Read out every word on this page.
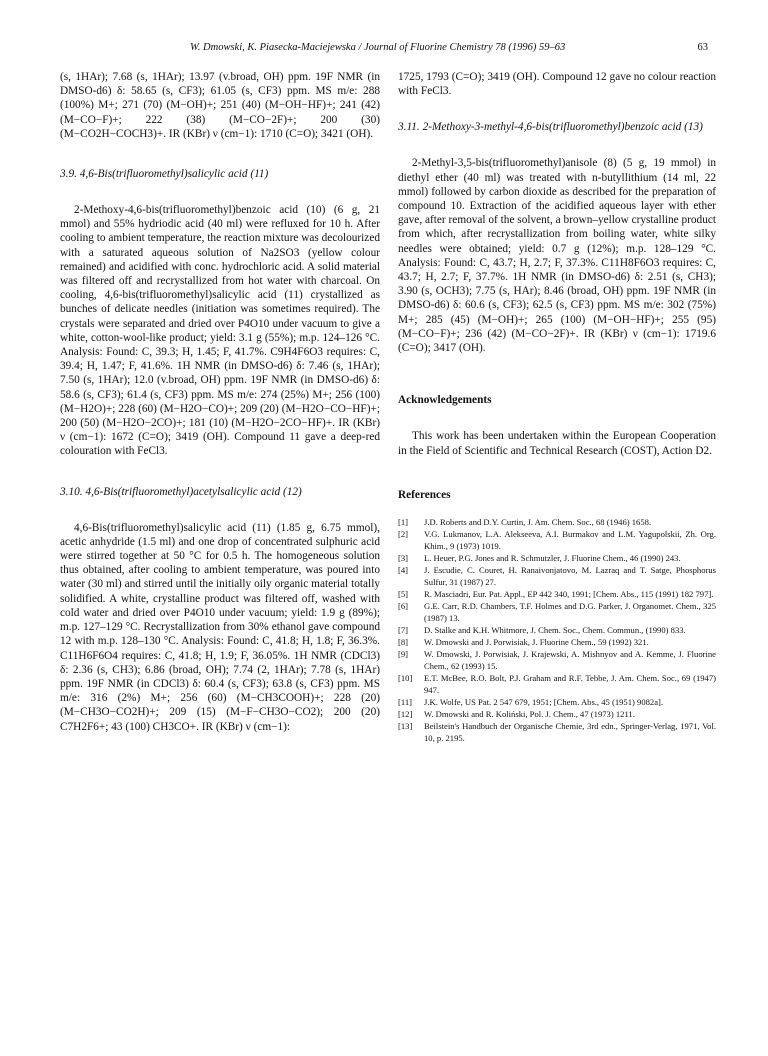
W. Dmowski, K. Piasecka-Maciejewska / Journal of Fluorine Chemistry 78 (1996) 59–63	63

(s, 1HAr); 7.68 (s, 1HAr); 13.97 (v.broad, OH) ppm. 19F NMR (in DMSO-d6) δ: 58.65 (s, CF3); 61.05 (s, CF3) ppm. MS m/e: 288 (100%) M+; 271 (70) (M−OH)+; 251 (40) (M−OH−HF)+; 241 (42) (M−CO−F)+; 222 (38) (M−CO−2F)+; 200 (30) (M−CO2H−COCH3)+. IR (KBr) ν (cm−1): 1710 (C=O); 3421 (OH).

3.9. 4,6-Bis(trifluoromethyl)salicylic acid (11)

2-Methoxy-4,6-bis(trifluoromethyl)benzoic acid (10) (6 g, 21 mmol) and 55% hydriodic acid (40 ml) were refluxed for 10 h. After cooling to ambient temperature, the reaction mixture was decolourized with a saturated aqueous solution of Na2SO3 (yellow colour remained) and acidified with conc. hydrochloric acid. A solid material was filtered off and recrystallized from hot water with charcoal. On cooling, 4,6-bis(trifluoromethyl)salicylic acid (11) crystallized as bunches of delicate needles (initiation was sometimes required). The crystals were separated and dried over P4O10 under vacuum to give a white, cotton-wool-like product; yield: 3.1 g (55%); m.p. 124–126 °C. Analysis: Found: C, 39.3; H, 1.45; F, 41.7%. C9H4F6O3 requires: C, 39.4; H, 1.47; F, 41.6%. 1H NMR (in DMSO-d6) δ: 7.46 (s, 1HAr); 7.50 (s, 1HAr); 12.0 (v.broad, OH) ppm. 19F NMR (in DMSO-d6) δ: 58.6 (s, CF3); 61.4 (s, CF3) ppm. MS m/e: 274 (25%) M+; 256 (100) (M−H2O)+; 228 (60) (M−H2O−CO)+; 209 (20) (M−H2O−CO−HF)+; 200 (50) (M−H2O−2CO)+; 181 (10) (M−H2O−2CO−HF)+. IR (KBr) ν (cm−1): 1672 (C=O); 3419 (OH). Compound 11 gave a deep-red colouration with FeCl3.

3.10. 4,6-Bis(trifluoromethyl)acetylsalicylic acid (12)

4,6-Bis(trifluoromethyl)salicylic acid (11) (1.85 g, 6.75 mmol), acetic anhydride (1.5 ml) and one drop of concentrated sulphuric acid were stirred together at 50 °C for 0.5 h. The homogeneous solution thus obtained, after cooling to ambient temperature, was poured into water (30 ml) and stirred until the initially oily organic material totally solidified. A white, crystalline product was filtered off, washed with cold water and dried over P4O10 under vacuum; yield: 1.9 g (89%); m.p. 127–129 °C. Recrystallization from 30% ethanol gave compound 12 with m.p. 128–130 °C. Analysis: Found: C, 41.8; H, 1.8; F, 36.3%. C11H6F6O4 requires: C, 41.8; H, 1.9; F, 36.05%. 1H NMR (CDCl3) δ: 2.36 (s, CH3); 6.86 (broad, OH); 7.74 (2, 1HAr); 7.78 (s, 1HAr) ppm. 19F NMR (in CDCl3) δ: 60.4 (s, CF3); 63.8 (s, CF3) ppm. MS m/e: 316 (2%) M+; 256 (60) (M−CH3COOH)+; 228 (20) (M−CH3O−CO2H)+; 209 (15) (M−F−CH3O−CO2); 200 (20) C7H2F6+; 43 (100) CH3CO+. IR (KBr) ν (cm−1):

1725, 1793 (C=O); 3419 (OH). Compound 12 gave no colour reaction with FeCl3.

3.11. 2-Methoxy-3-methyl-4,6-bis(trifluoromethyl)benzoic acid (13)

2-Methyl-3,5-bis(trifluoromethyl)anisole (8) (5 g, 19 mmol) in diethyl ether (40 ml) was treated with n-butyllithium (14 ml, 22 mmol) followed by carbon dioxide as described for the preparation of compound 10. Extraction of the acidified aqueous layer with ether gave, after removal of the solvent, a brown–yellow crystalline product from which, after recrystallization from boiling water, white silky needles were obtained; yield: 0.7 g (12%); m.p. 128–129 °C. Analysis: Found: C, 43.7; H, 2.7; F, 37.3%. C11H8F6O3 requires: C, 43.7; H, 2.7; F, 37.7%. 1H NMR (in DMSO-d6) δ: 2.51 (s, CH3); 3.90 (s, OCH3); 7.75 (s, HAr); 8.46 (broad, OH) ppm. 19F NMR (in DMSO-d6) δ: 60.6 (s, CF3); 62.5 (s, CF3) ppm. MS m/e: 302 (75%) M+; 285 (45) (M−OH)+; 265 (100) (M−OH−HF)+; 255 (95) (M−CO−F)+; 236 (42) (M−CO−2F)+. IR (KBr) ν (cm−1): 1719.6 (C=O); 3417 (OH).

Acknowledgements

This work has been undertaken within the European Cooperation in the Field of Scientific and Technical Research (COST), Action D2.

References

[1] J.D. Roberts and D.Y. Curtin, J. Am. Chem. Soc., 68 (1946) 1658.
[2] V.G. Lukmanov, L.A. Alekseeva, A.I. Burmakov and L.M. Yagupolskii, Zh. Org. Khim., 9 (1973) 1019.
[3] L. Heuer, P.G. Jones and R. Schmutzler, J. Fluorine Chem., 46 (1990) 243.
[4] J. Escudie, C. Couret, H. Ranaivonjatovo, M. Lazraq and T. Satge, Phosphorus Sulfur, 31 (1987) 27.
[5] R. Masciadri, Eur. Pat. Appl., EP 442 340, 1991; [Chem. Abs., 115 (1991) 182 797].
[6] G.E. Carr, R.D. Chambers, T.F. Holmes and D.G. Parker, J. Organomet. Chem., 325 (1987) 13.
[7] D. Stalke and K.H. Whitmore, J. Chem. Soc., Chem. Commun., (1990) 833.
[8] W. Dmowski and J. Porwisiak, J. Fluorine Chem., 59 (1992) 321.
[9] W. Dmowski, J. Porwisiak, J. Krajewski, A. Mishnyov and A. Kemme, J. Fluorine Chem., 62 (1993) 15.
[10] E.T. McBee, R.O. Bolt, P.J. Graham and R.F. Tebbe, J. Am. Chem. Soc., 69 (1947) 947.
[11] J.K. Wolfe, US Pat. 2 547 679, 1951; [Chem. Abs., 45 (1951) 9082a].
[12] W. Dmowski and R. Koliński, Pol. J. Chem., 47 (1973) 1211.
[13] Beilstein's Handbuch der Organische Chemie, 3rd edn., Springer-Verlag, 1971, Vol. 10, p. 2195.
